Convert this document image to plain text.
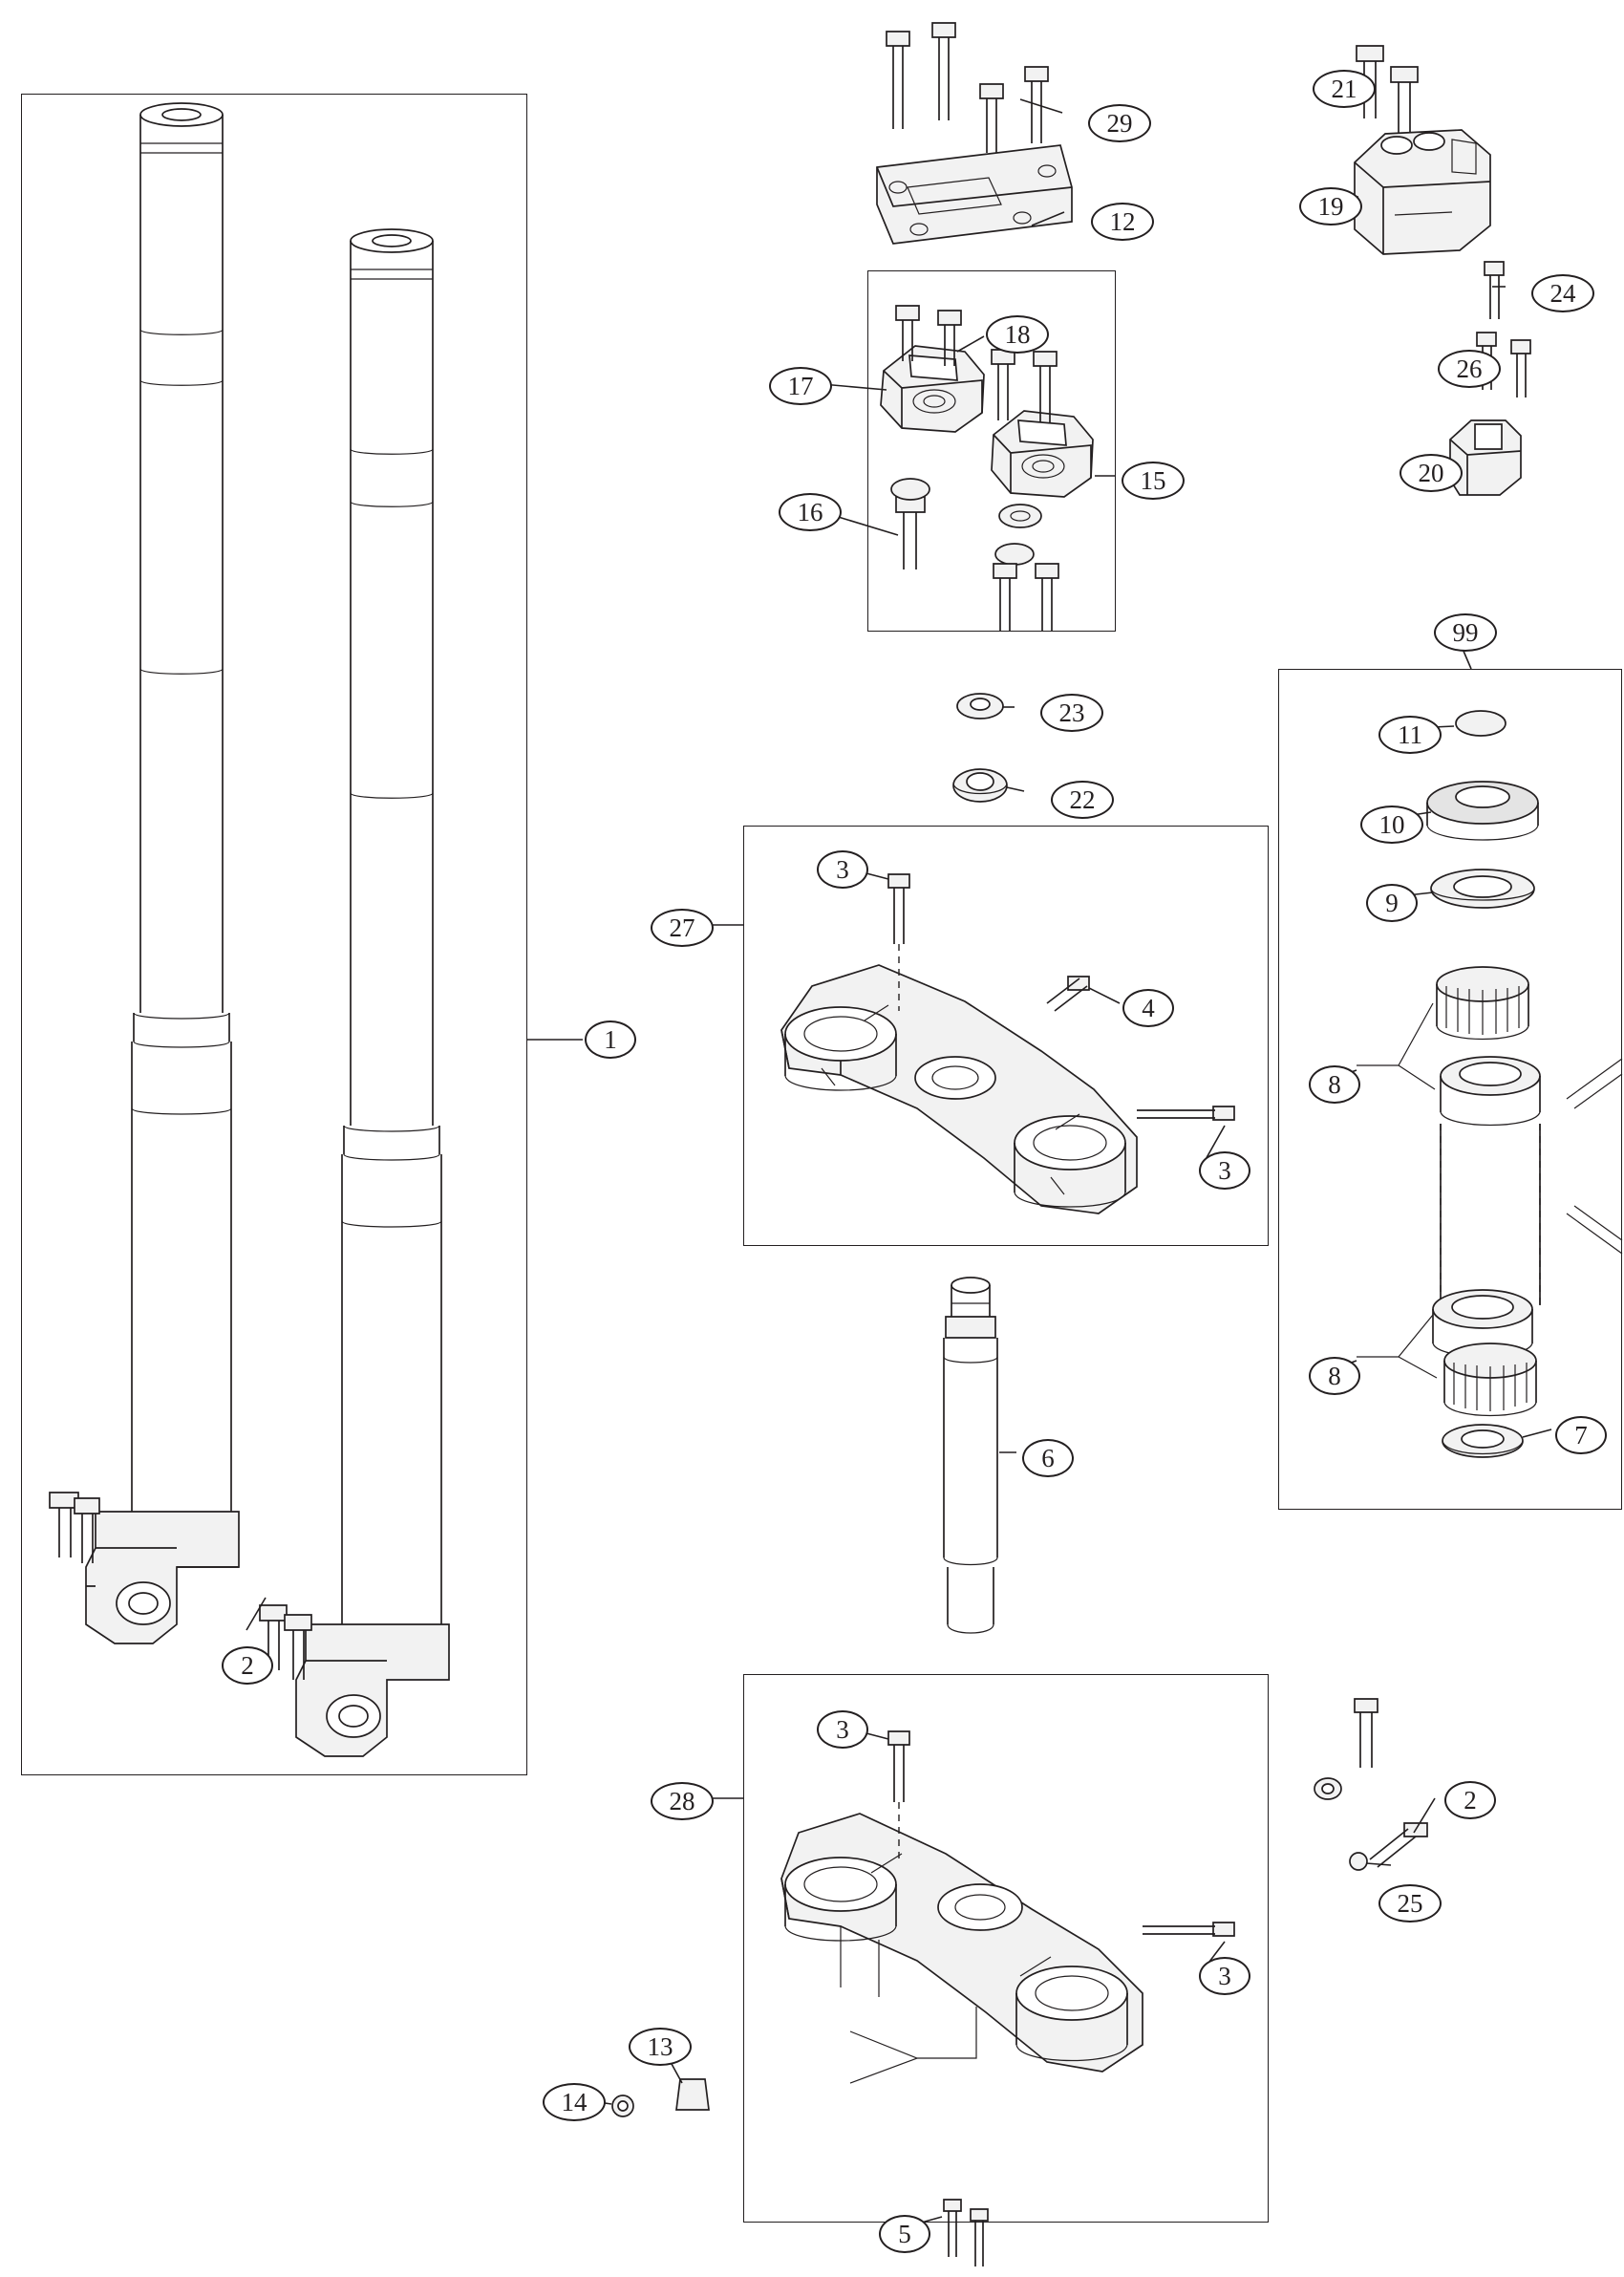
1
2
2
3
3
3
3
4
5
6
7
8
8
9
10
11
12
13
14
15
16
17
18
19
20
21
22
23
24
25
26
27
28
29
99
